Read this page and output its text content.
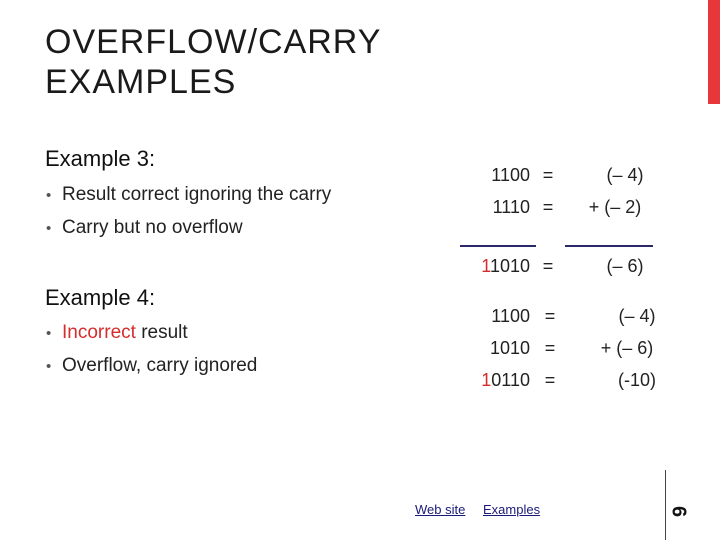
OVERFLOW/CARRY
EXAMPLES
Example 3:
• Result correct ignoring the carry
• Carry but no overflow
1100 =	(– 4)
1110 =	+ (– 2)
11010 =	(– 6)
Example 4:
• Incorrect result
• Overflow, carry ignored
1100 =	(– 4)
1010 =	+ (– 6)
10110 =	(-10)
Web site Examples	6
